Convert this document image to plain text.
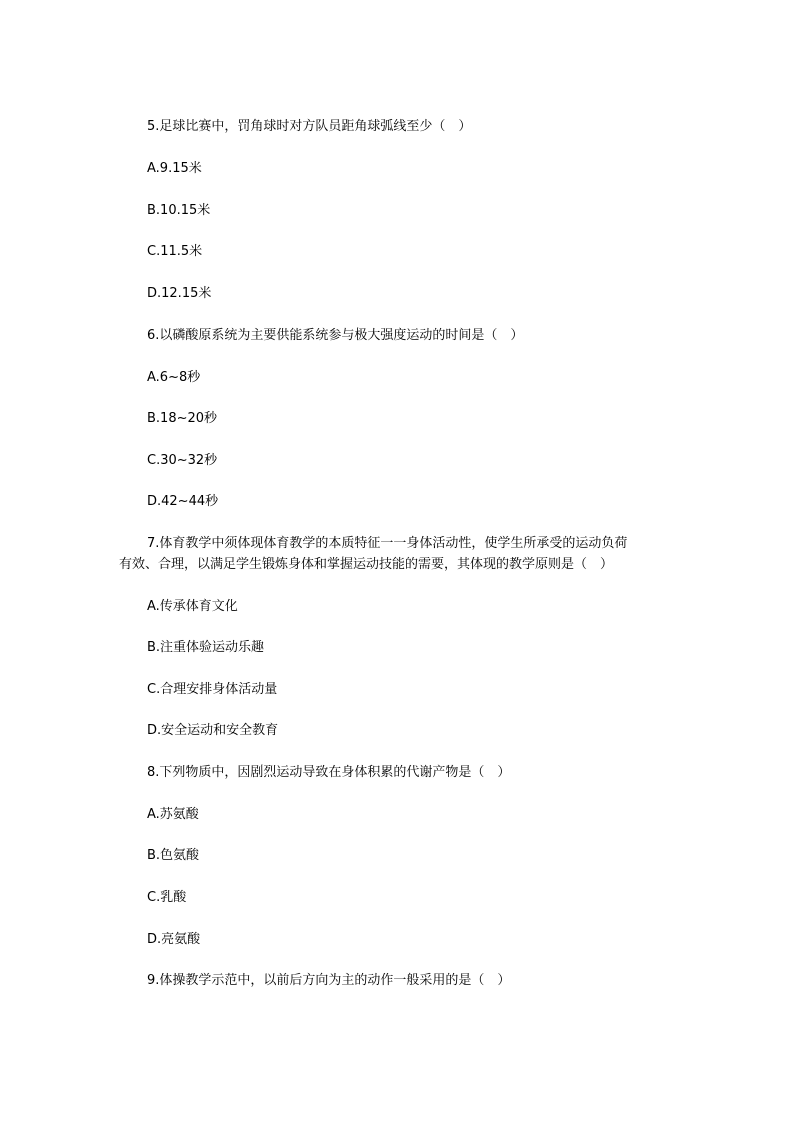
5.足球比赛中，罚角球时对方队员距角球弧线至少（　）
A.9.15米
B.10.15米
C.11.5米
D.12.15米
6.以磷酸原系统为主要供能系统参与极大强度运动的时间是（　）
A.6~8秒
B.18~20秒
C.30~32秒
D.42~44秒
7.体育教学中须体现体育教学的本质特征一一身体活动性，使学生所承受的运动负荷
有效、合理，以满足学生锻炼身体和掌握运动技能的需要，其体现的教学原则是（　）
A.传承体育文化
B.注重体验运动乐趣
C.合理安排身体活动量
D.安全运动和安全教育
8.下列物质中，因剧烈运动导致在身体积累的代谢产物是（　）
A.苏氨酸
B.色氨酸
C.乳酸
D.亮氨酸
9.体操教学示范中，以前后方向为主的动作一般采用的是（　）
